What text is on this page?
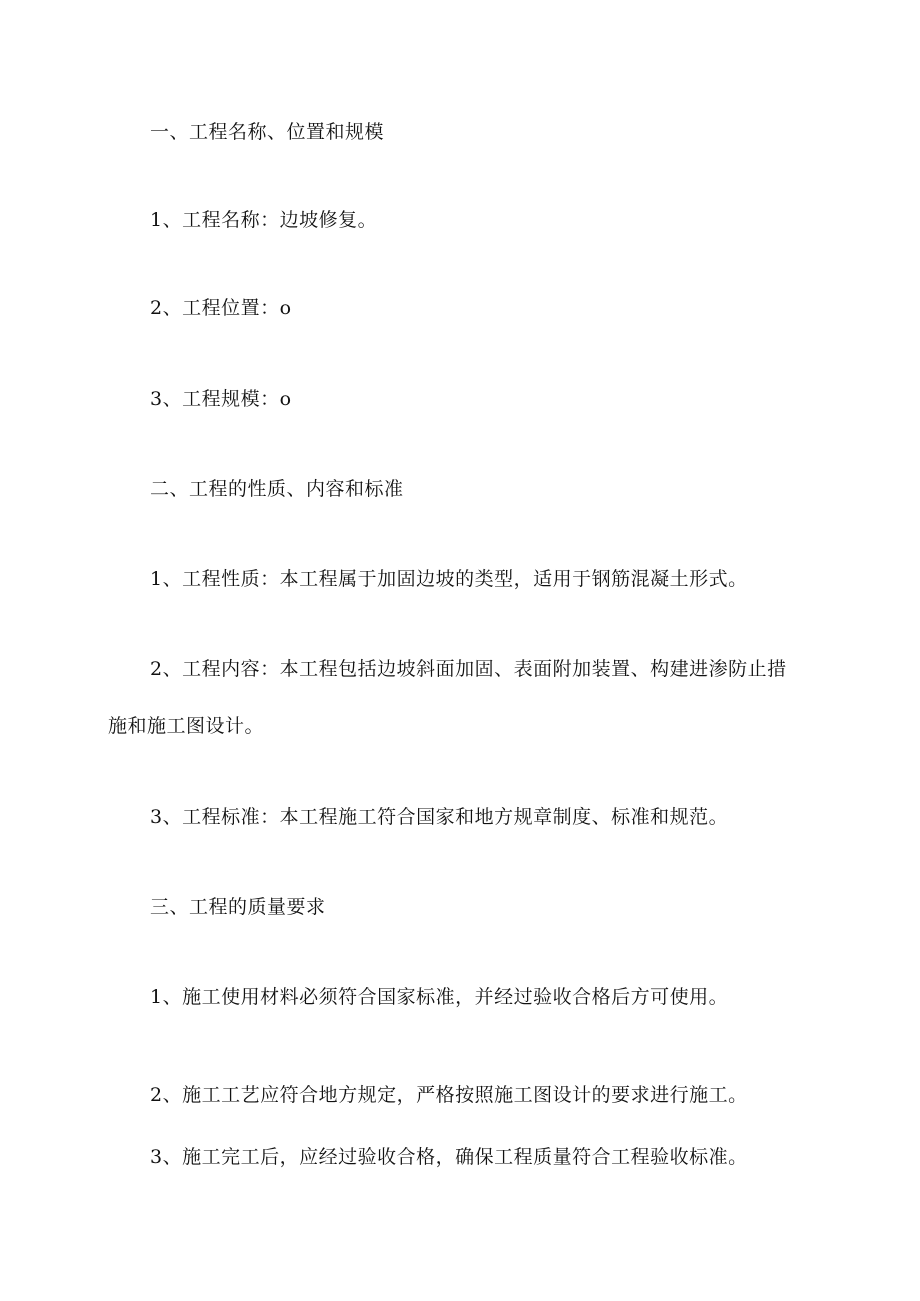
一、工程名称、位置和规模
1、工程名称：边坡修复。
2、工程位置：o
3、工程规模：o
二、工程的性质、内容和标准
1、工程性质：本工程属于加固边坡的类型，适用于钢筋混凝土形式。
2、工程内容：本工程包括边坡斜面加固、表面附加装置、构建进渗防止措
施和施工图设计。
3、工程标准：本工程施工符合国家和地方规章制度、标准和规范。
三、工程的质量要求
1、施工使用材料必须符合国家标准，并经过验收合格后方可使用。
2、施工工艺应符合地方规定，严格按照施工图设计的要求进行施工。
3、施工完工后，应经过验收合格，确保工程质量符合工程验收标准。
